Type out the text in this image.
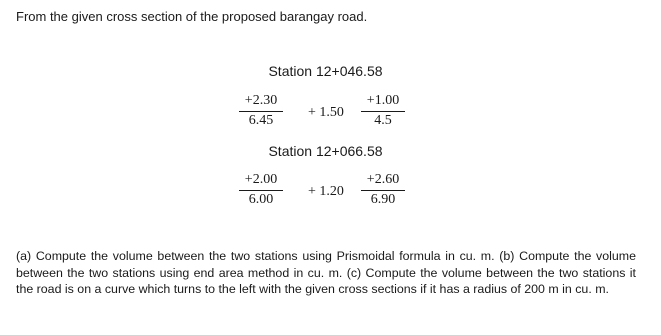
From the given cross section of the proposed barangay road.
Station 12+046.58
+2.30
6.45
+ 1.50
+1.00
4.5
Station 12+066.58
+2.00
6.00
+ 1.20
+2.60
6.90
(a) Compute the volume between the two stations using Prismoidal formula in cu. m. (b) Compute the volume between the two stations using end area method in cu. m. (c) Compute the volume between the two stations it the road is on a curve which turns to the left with the given cross sections if it has a radius of 200 m in cu. m.
